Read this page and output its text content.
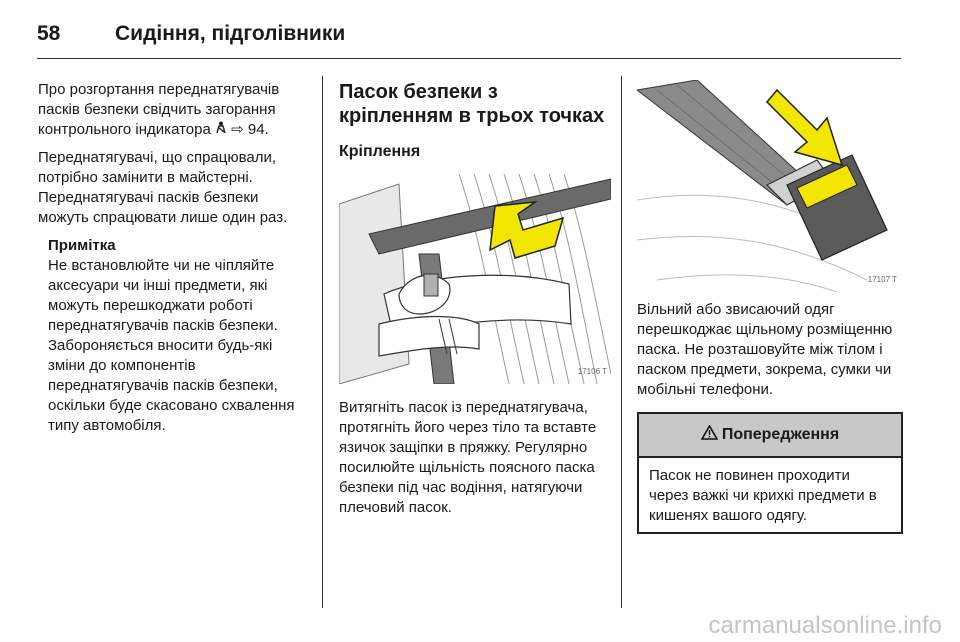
58	Сидіння, підголівники

Про розгортання переднатягувачів пасків безпеки свідчить загорання контрольного індикатора  ⇨ 94.

Переднатягувачі, що спрацювали, потрібно замінити в майстерні. Переднатягувачі пасків безпеки можуть спрацювати лише один раз.

Примітка

Не встановлюйте чи не чіпляйте аксесуари чи інші предмети, які можуть перешкоджати роботі переднатягувачів пасків безпеки. Забороняється вносити будь-які зміни до компонентів переднатягувачів пасків безпеки, оскільки буде скасовано схвалення типу автомобіля.

Пасок безпеки з кріпленням в трьох точках
Кріплення
17106 T

Витягніть пасок із переднатягувача, протягніть його через тіло та вставте язичок защіпки в пряжку. Регулярно посилюйте щільність поясного паска безпеки під час водіння, натягуючи плечовий пасок.

17107 T

Вільний або звисаючий одяг перешкоджає щільному розміщенню паска. Не розташовуйте між тілом і паском предмети, зокрема, сумки чи мобільні телефони.

Попередження
Пасок не повинен проходити через важкі чи крихкі предмети в кишенях вашого одягу.
carmanualsonline.info
